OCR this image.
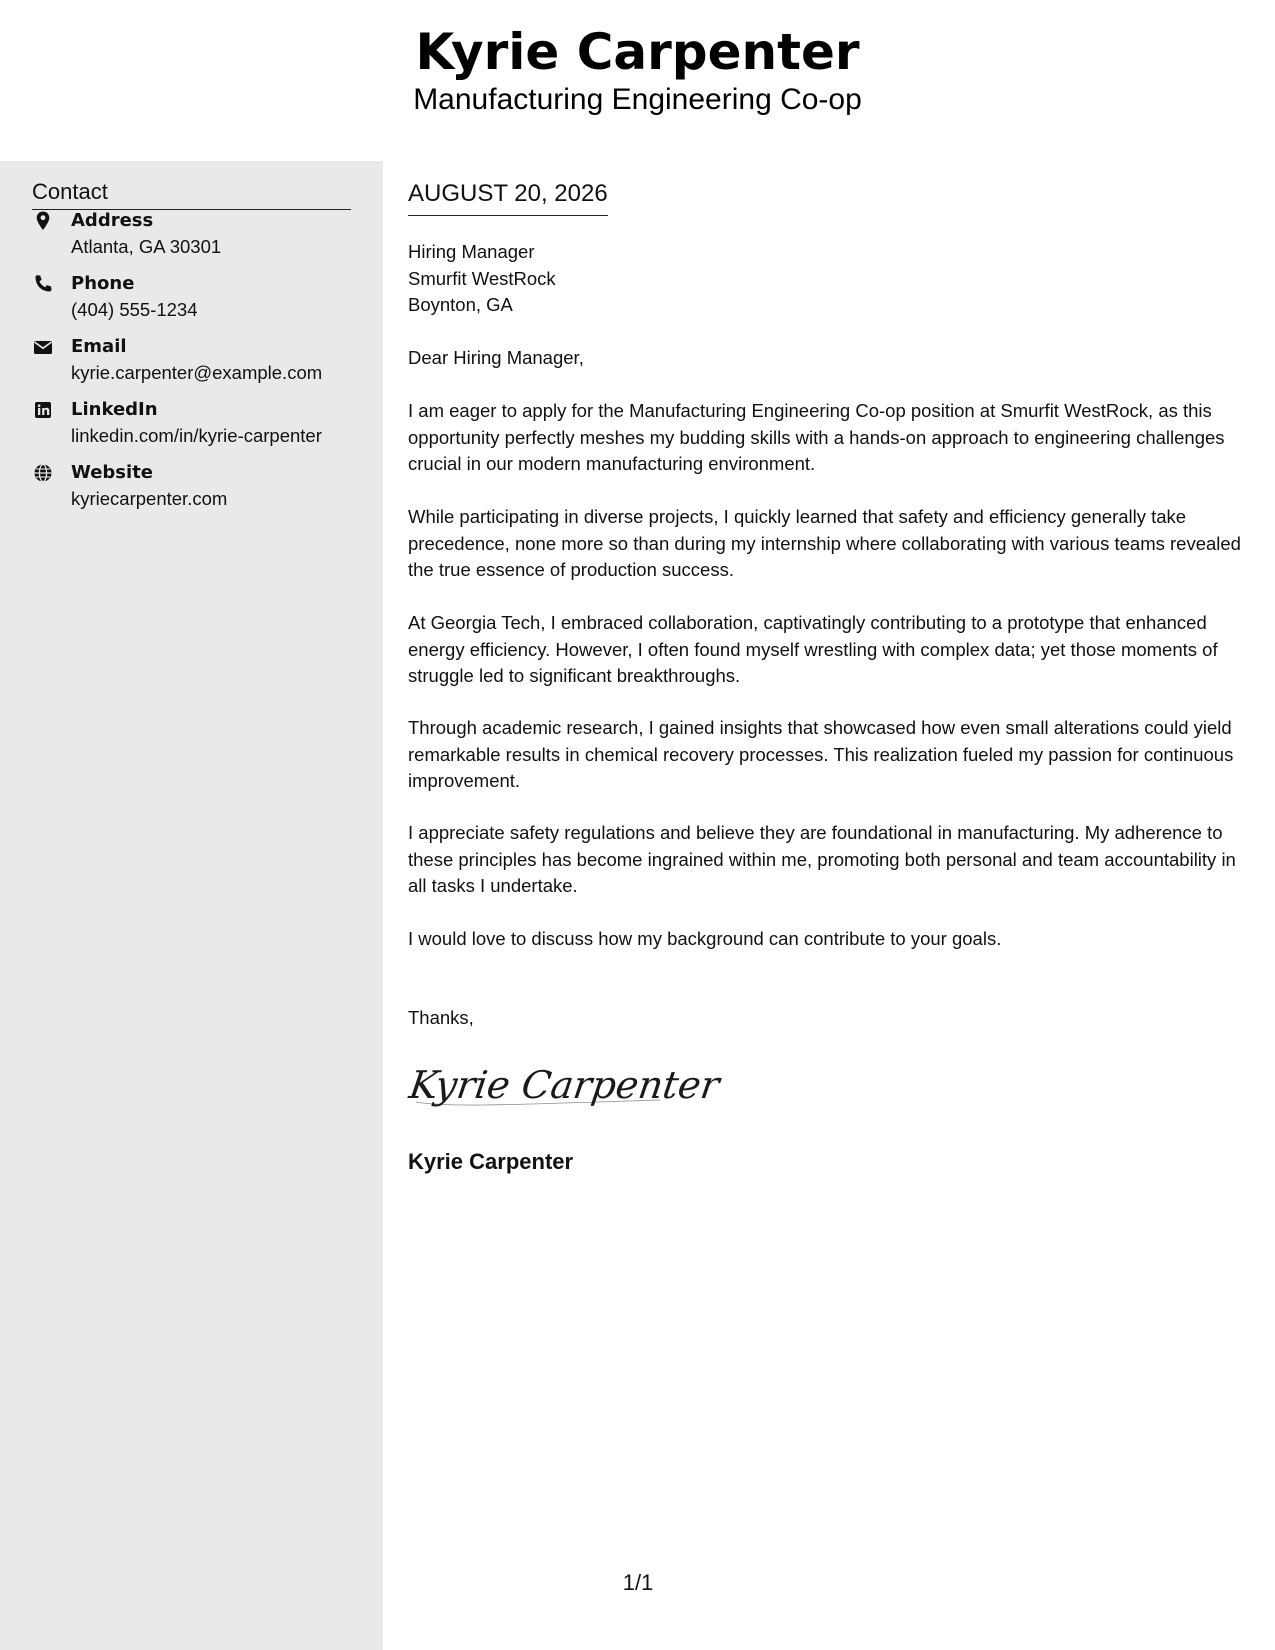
Kyrie Carpenter
Manufacturing Engineering Co-op
Contact
Address
Atlanta, GA 30301
Phone
(404) 555-1234
Email
kyrie.carpenter@example.com
LinkedIn
linkedin.com/in/kyrie-carpenter
Website
kyriecarpenter.com
AUGUST 20, 2026
Hiring Manager
Smurfit WestRock
Boynton, GA
Dear Hiring Manager,
I am eager to apply for the Manufacturing Engineering Co-op position at Smurfit WestRock, as this opportunity perfectly meshes my budding skills with a hands-on approach to engineering challenges crucial in our modern manufacturing environment.
While participating in diverse projects, I quickly learned that safety and efficiency generally take precedence, none more so than during my internship where collaborating with various teams revealed the true essence of production success.
At Georgia Tech, I embraced collaboration, captivatingly contributing to a prototype that enhanced energy efficiency. However, I often found myself wrestling with complex data; yet those moments of struggle led to significant breakthroughs.
Through academic research, I gained insights that showcased how even small alterations could yield remarkable results in chemical recovery processes. This realization fueled my passion for continuous improvement.
I appreciate safety regulations and believe they are foundational in manufacturing. My adherence to these principles has become ingrained within me, promoting both personal and team accountability in all tasks I undertake.
I would love to discuss how my background can contribute to your goals.
Thanks,
Kyrie Carpenter
Kyrie Carpenter
1/1
